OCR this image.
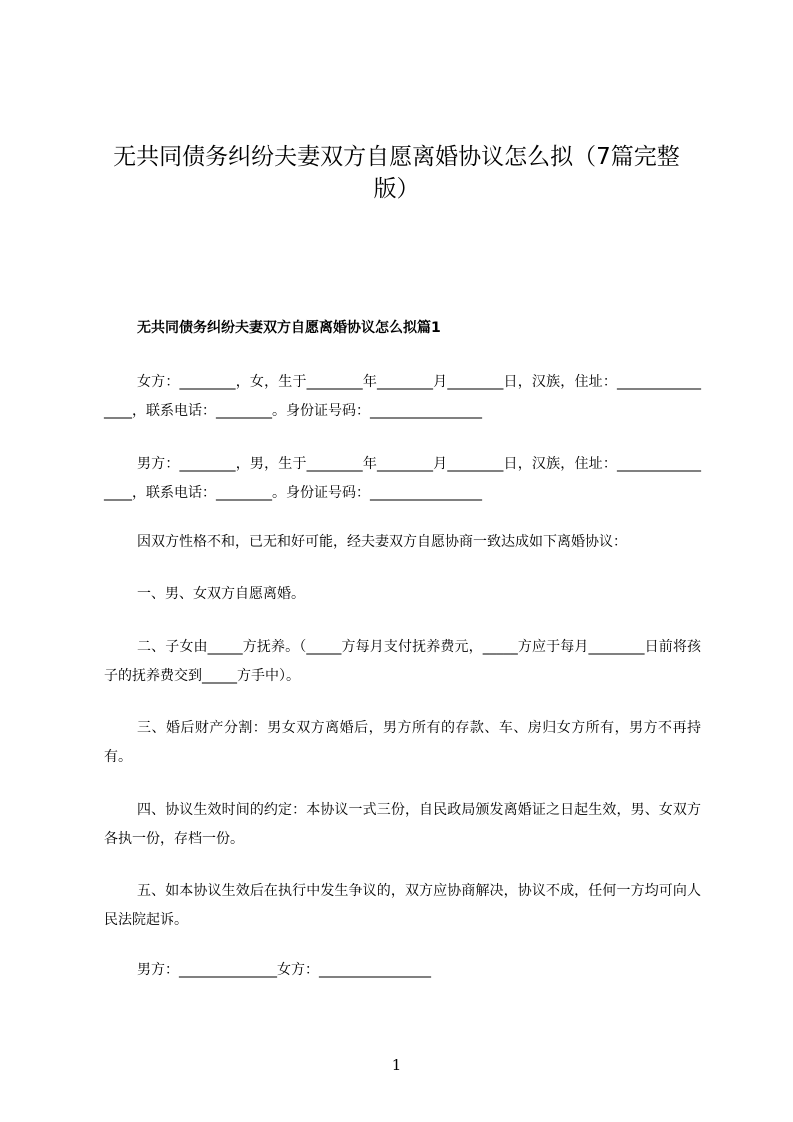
无共同债务纠纷夫妻双方自愿离婚协议怎么拟（7篇完整版）

无共同债务纠纷夫妻双方自愿离婚协议怎么拟篇1

女方：________，女，生于________年________月________日，汉族，住址：________________，联系电话：________。身份证号码：________________

男方：________，男，生于________年________月________日，汉族，住址：________________，联系电话：________。身份证号码：________________

因双方性格不和，已无和好可能，经夫妻双方自愿协商一致达成如下离婚协议：

一、男、女双方自愿离婚。

二、子女由_____方抚养。（_____方每月支付抚养费元，_____方应于每月________日前将孩子的抚养费交到_____方手中）。

三、婚后财产分割：男女双方离婚后，男方所有的存款、车、房归女方所有，男方不再持有。

四、协议生效时间的约定：本协议一式三份，自民政局颁发离婚证之日起生效，男、女双方各执一份，存档一份。

五、如本协议生效后在执行中发生争议的，双方应协商解决，协议不成，任何一方均可向人民法院起诉。

男方：______________女方：________________

1
